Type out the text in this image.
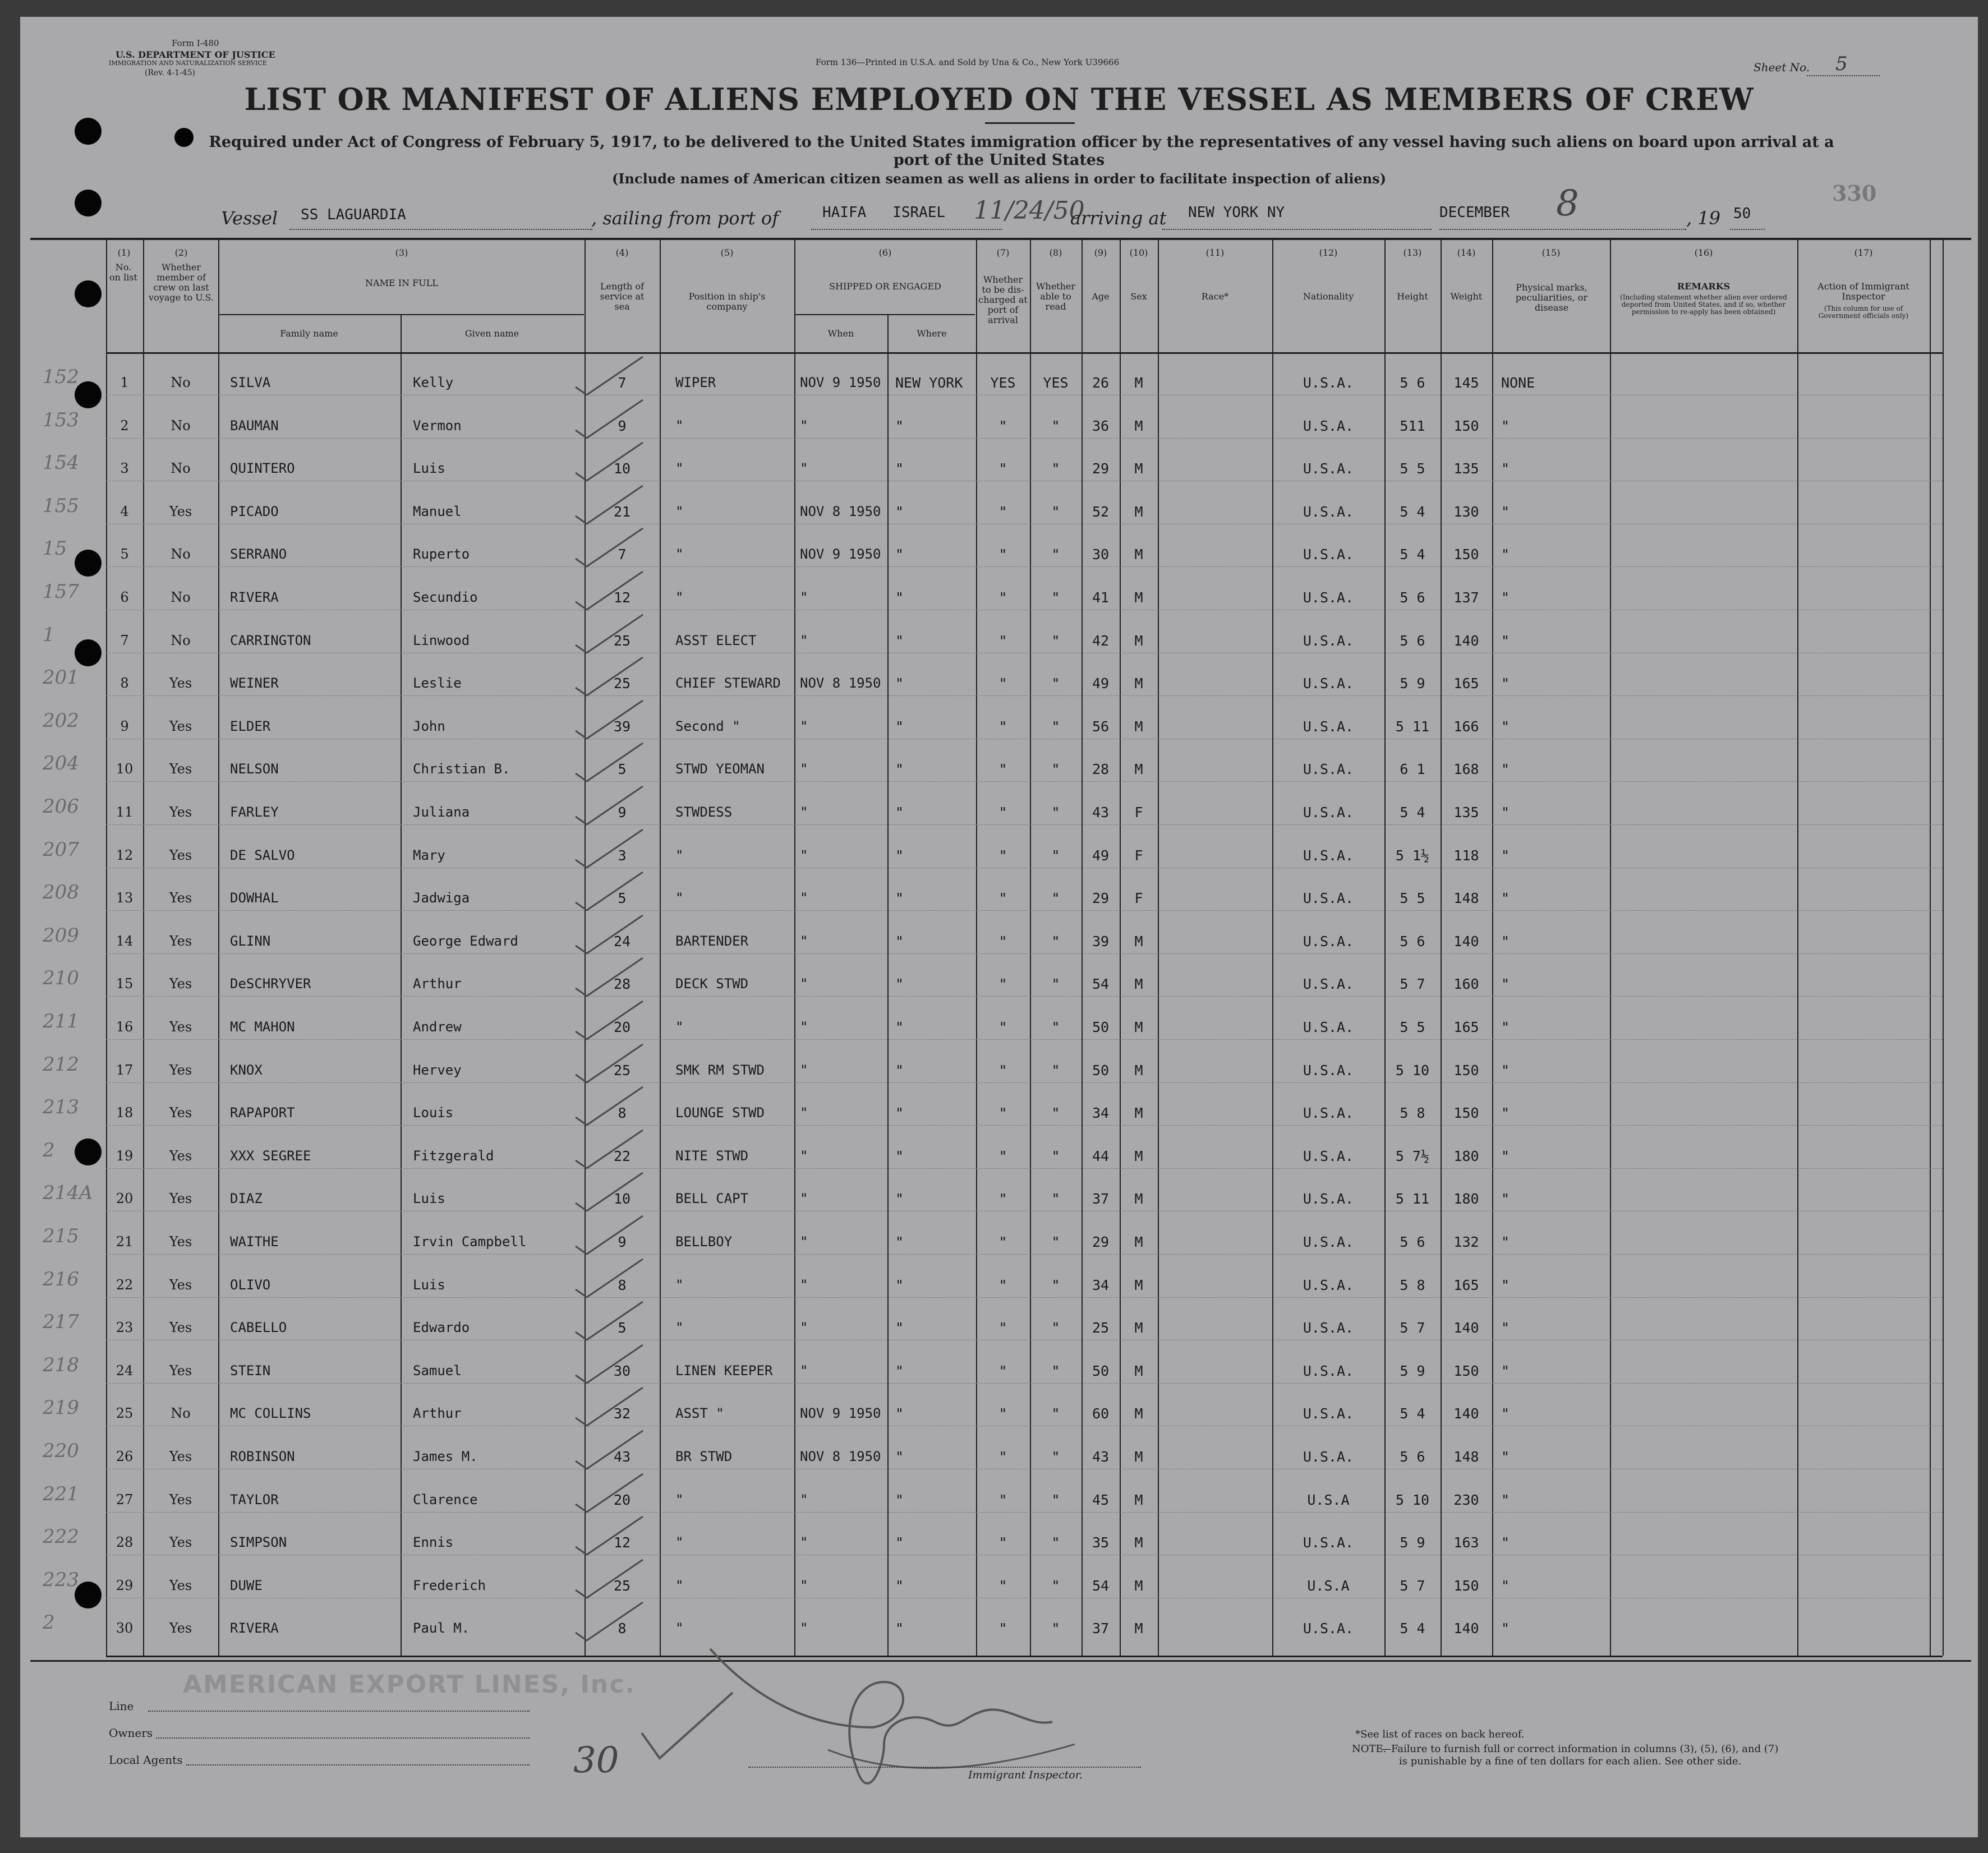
Form I-480
U.S. DEPARTMENT OF JUSTICE
IMMIGRATION AND NATURALIZATION SERVICE
(Rev. 4-1-45)
Form 136—Printed in U.S.A. and Sold by Una & Co., New York U39666	Sheet No. 5
LIST OR MANIFEST OF ALIENS EMPLOYED ON THE VESSEL AS MEMBERS OF CREW
Required under Act of Congress of February 5, 1917, to be delivered to the United States immigration officer by the representatives of any vessel having such aliens on board upon arrival at a
port of the United States
(Include names of American citizen seamen as well as aliens in order to facilitate inspection of aliens)
330
Vessel SS LAGUARDIA	, sailing from port of	HAIFA   ISRAEL 11/24/50
arriving at NEW YORK NY	DECEMBER 8	, 19 50
(1)
No. on list
(2)
Whether member of crew on last voyage to U.S.
(3)
NAME IN FULL
Family name	Given name
(4)
Length of service at sea
(5)
Position in ship's company
(6)
SHIPPED OR ENGAGED
When	Where
(7)
Whether to be dis-charged at port of arrival
(8)
Whether able to read
(9)
Age
(10)
Sex
(11)
Race*
(12)
Nationality
(13)
Height
(14)
Weight
(15)
Physical marks, peculiarities, or disease
(16)
REMARKS
(Including statement whether alien ever ordered deported from United States, and if so, whether permission to re-apply has been obtained)
(17)
Action of Immigrant Inspector
(This column for use of Government officials only)
152	1	No	SILVA	Kelly	7	WIPER	NOV 9 1950	NEW YORK	YES	YES	26	M	U.S.A.	5 6	145	NONE
153	2	No	BAUMAN	Vermon	9	"	"	"	"	"	36	M	U.S.A.	511	150	"
154	3	No	QUINTERO	Luis	10	"	"	"	"	"	29	M	U.S.A.	5 5	135	"
155	4	Yes	PICADO	Manuel	21	"	NOV 8 1950	"	"	"	52	M	U.S.A.	5 4	130	"
15	5	No	SERRANO	Ruperto	7	"	NOV 9 1950	"	"	"	30	M	U.S.A.	5 4	150	"
157	6	No	RIVERA	Secundio	12	"	"	"	"	"	41	M	U.S.A.	5 6	137	"
1	7	No	CARRINGTON	Linwood	25	ASST ELECT	"	"	"	"	42	M	U.S.A.	5 6	140	"
201	8	Yes	WEINER	Leslie	25	CHIEF STEWARD	NOV 8 1950	"	"	"	49	M	U.S.A.	5 9	165	"
202	9	Yes	ELDER	John	39	Second "	"	"	"	"	56	M	U.S.A.	5 11	166	"
204	10	Yes	NELSON	Christian B.	5	STWD YEOMAN	"	"	"	"	28	M	U.S.A.	6 1	168	"
206	11	Yes	FARLEY	Juliana	9	STWDESS	"	"	"	"	43	F	U.S.A.	5 4	135	"
207	12	Yes	DE SALVO	Mary	3	"	"	"	"	"	49	F	U.S.A.	5 1½	118	"
208	13	Yes	DOWHAL	Jadwiga	5	"	"	"	"	"	29	F	U.S.A.	5 5	148	"
209	14	Yes	GLINN	George Edward	24	BARTENDER	"	"	"	"	39	M	U.S.A.	5 6	140	"
210	15	Yes	DeSCHRYVER	Arthur	28	DECK STWD	"	"	"	"	54	M	U.S.A.	5 7	160	"
211	16	Yes	MC MAHON	Andrew	20	"	"	"	"	"	50	M	U.S.A.	5 5	165	"
212	17	Yes	KNOX	Hervey	25	SMK RM STWD	"	"	"	"	50	M	U.S.A.	5 10	150	"
213	18	Yes	RAPAPORT	Louis	8	LOUNGE STWD	"	"	"	"	34	M	U.S.A.	5 8	150	"
2	19	Yes	XXX SEGREE	Fitzgerald	22	NITE STWD	"	"	"	"	44	M	U.S.A.	5 7½	180	"
214A	20	Yes	DIAZ	Luis	10	BELL CAPT	"	"	"	"	37	M	U.S.A.	5 11	180	"
215	21	Yes	WAITHE	Irvin Campbell	9	BELLBOY	"	"	"	"	29	M	U.S.A.	5 6	132	"
216	22	Yes	OLIVO	Luis	8	"	"	"	"	"	34	M	U.S.A.	5 8	165	"
217	23	Yes	CABELLO	Edwardo	5	"	"	"	"	"	25	M	U.S.A.	5 7	140	"
218	24	Yes	STEIN	Samuel	30	LINEN KEEPER	"	"	"	"	50	M	U.S.A.	5 9	150	"
219	25	No	MC COLLINS	Arthur	32	ASST "	NOV 9 1950	"	"	"	60	M	U.S.A.	5 4	140	"
220	26	Yes	ROBINSON	James M.	43	BR STWD	NOV 8 1950	"	"	"	43	M	U.S.A.	5 6	148	"
221	27	Yes	TAYLOR	Clarence	20	"	"	"	"	"	45	M	U.S.A	5 10	230	"
222	28	Yes	SIMPSON	Ennis	12	"	"	"	"	"	35	M	U.S.A.	5 9	163	"
223	29	Yes	DUWE	Frederich	25	"	"	"	"	"	54	M	U.S.A	5 7	150	"
2	30	Yes	RIVERA	Paul M.	8	"	"	"	"	"	37	M	U.S.A.	5 4	140	"
Line
Owners
Local Agents
AMERICAN EXPORT LINES, Inc.
30	Immigrant Inspector.
*See list of races on back hereof.
NOTE.
—Failure to furnish full or correct information in columns (3), (5), (6), and (7)
is punishable by a fine of ten dollars for each alien. See other side.
